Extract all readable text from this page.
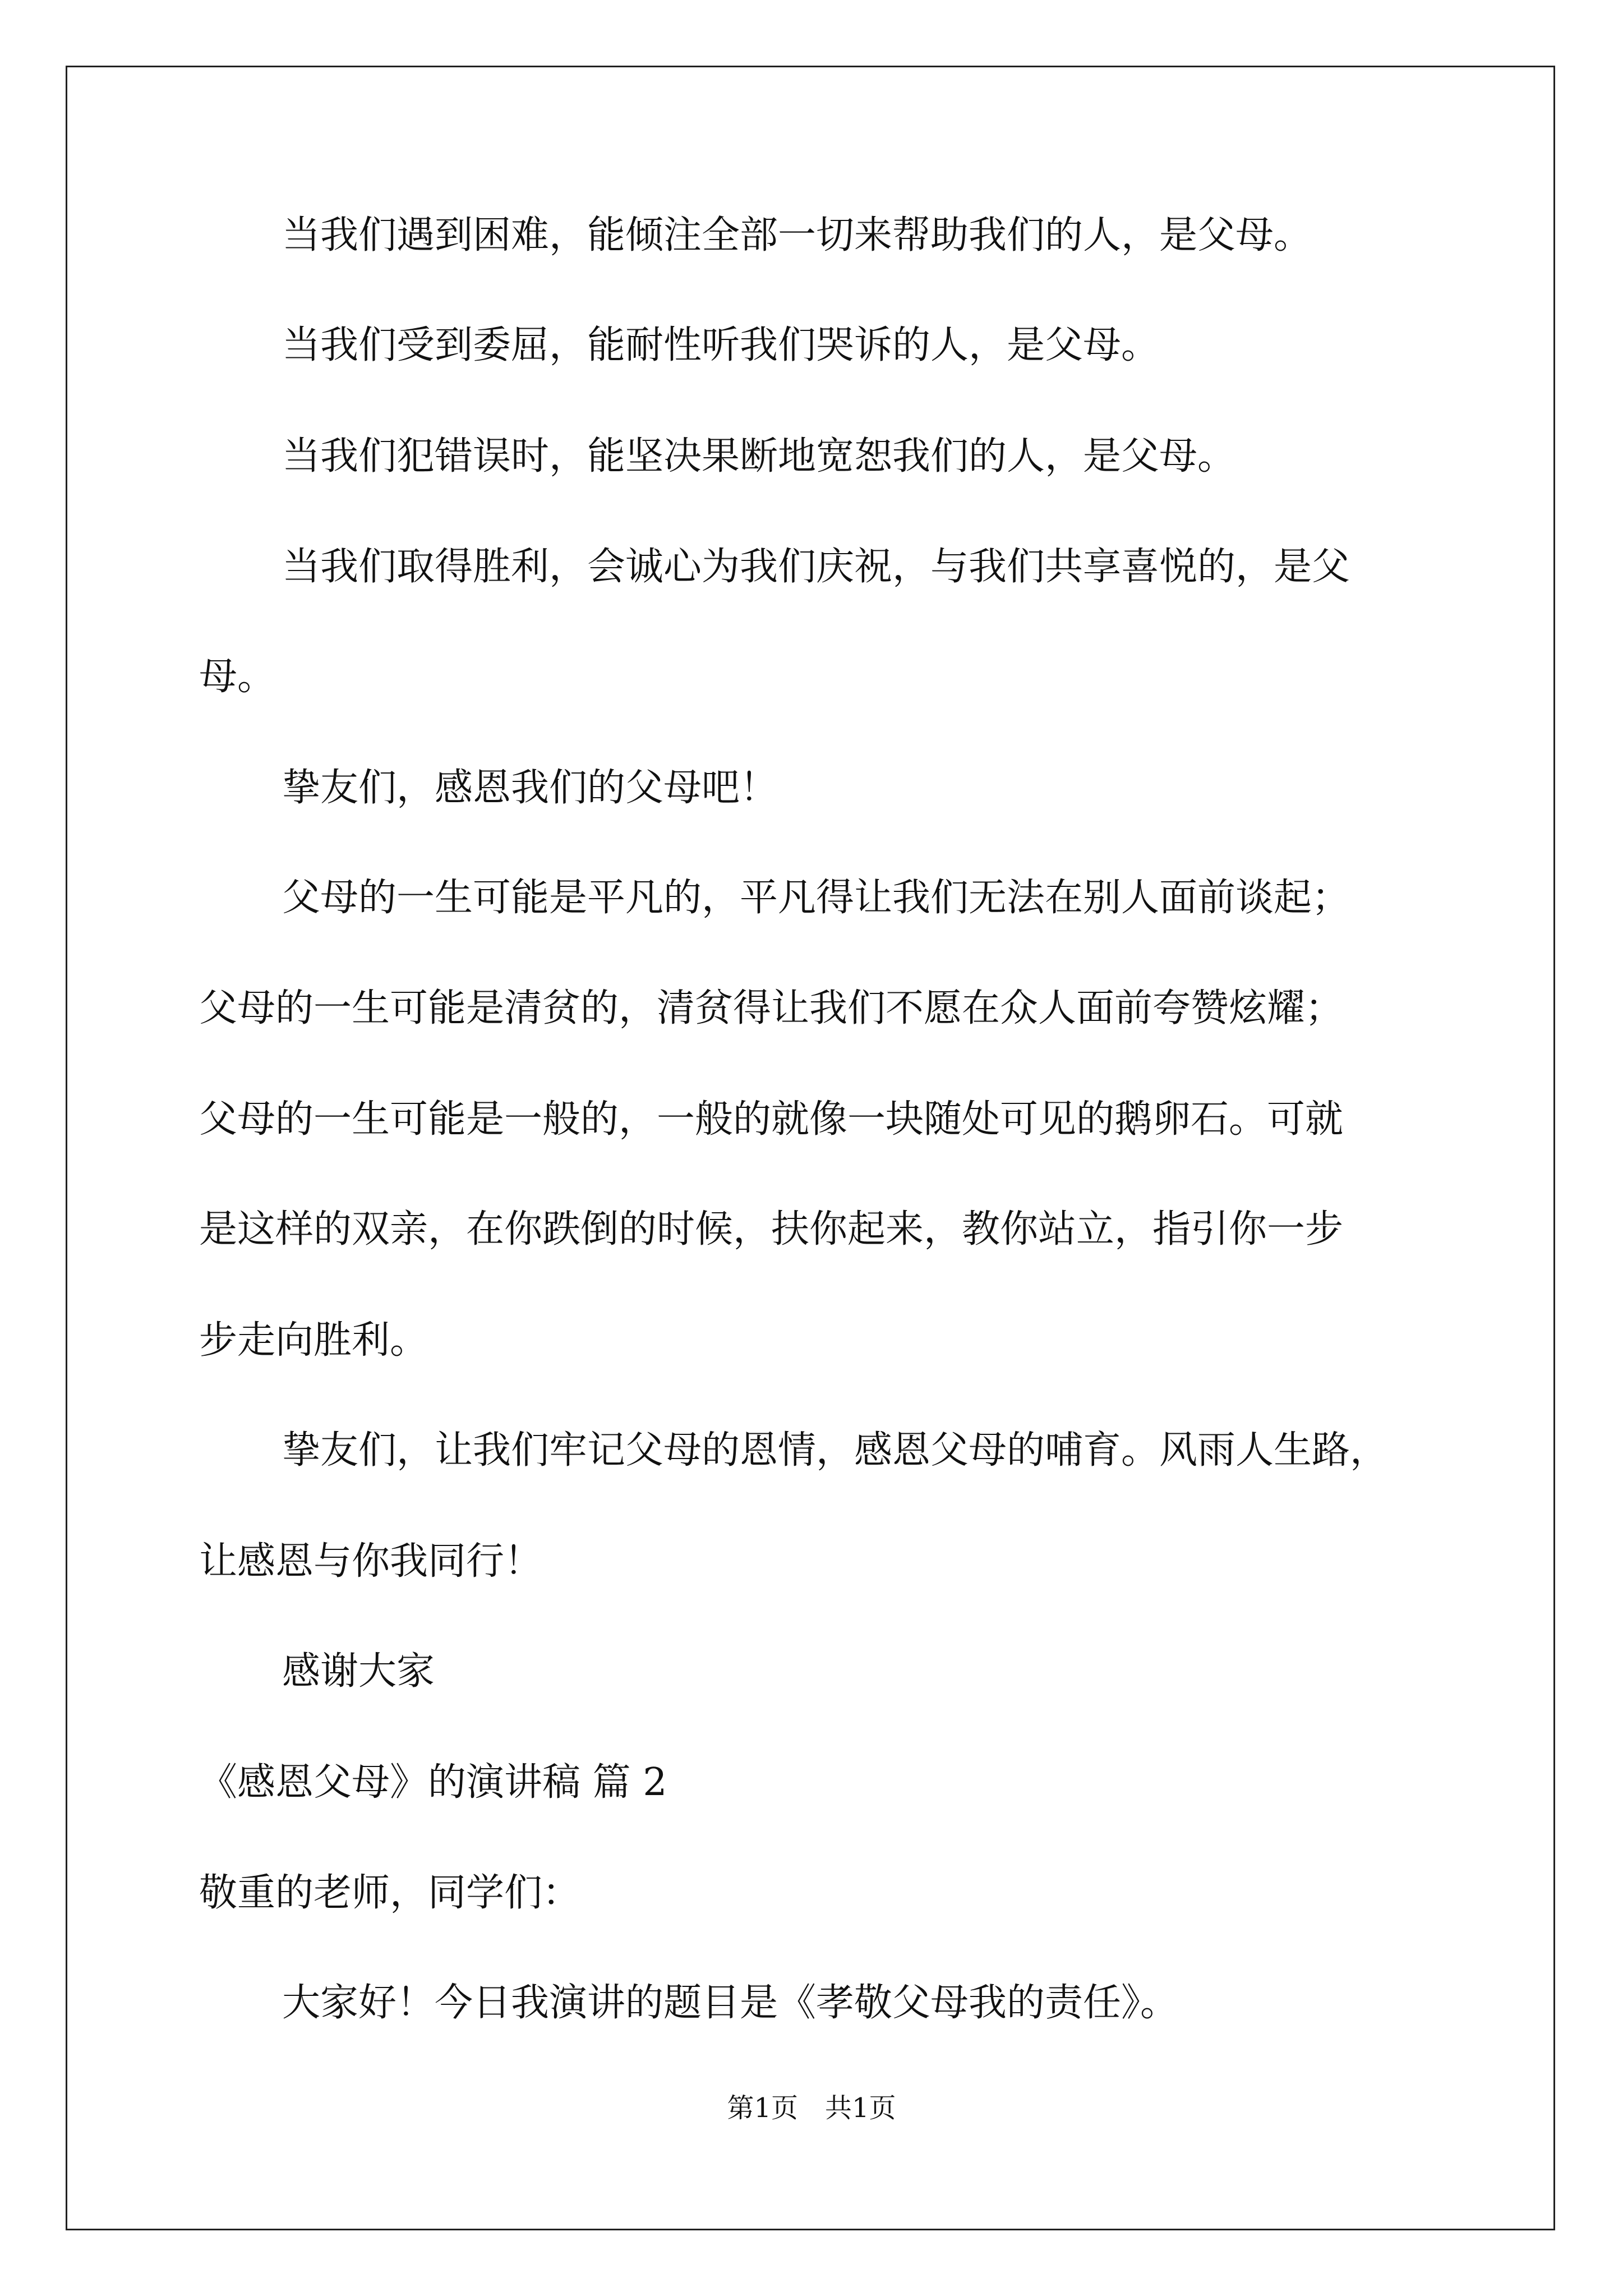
当我们遇到困难，能倾注全部一切来帮助我们的人，是父母。
当我们受到委屈，能耐性听我们哭诉的人，是父母。
当我们犯错误时，能坚决果断地宽恕我们的人，是父母。
当我们取得胜利，会诚心为我们庆祝，与我们共享喜悦的，是父
母。
挚友们，感恩我们的父母吧！
父母的一生可能是平凡的，平凡得让我们无法在别人面前谈起；
父母的一生可能是清贫的，清贫得让我们不愿在众人面前夸赞炫耀；
父母的一生可能是一般的，一般的就像一块随处可见的鹅卵石。可就
是这样的双亲，在你跌倒的时候，扶你起来，教你站立，指引你一步
步走向胜利。
挚友们，让我们牢记父母的恩情，感恩父母的哺育。风雨人生路，
让感恩与你我同行！
感谢大家
《感恩父母》的演讲稿 篇 2
敬重的老师，同学们：
大家好！今日我演讲的题目是《孝敬父母我的责任》。
第1页　共1页
